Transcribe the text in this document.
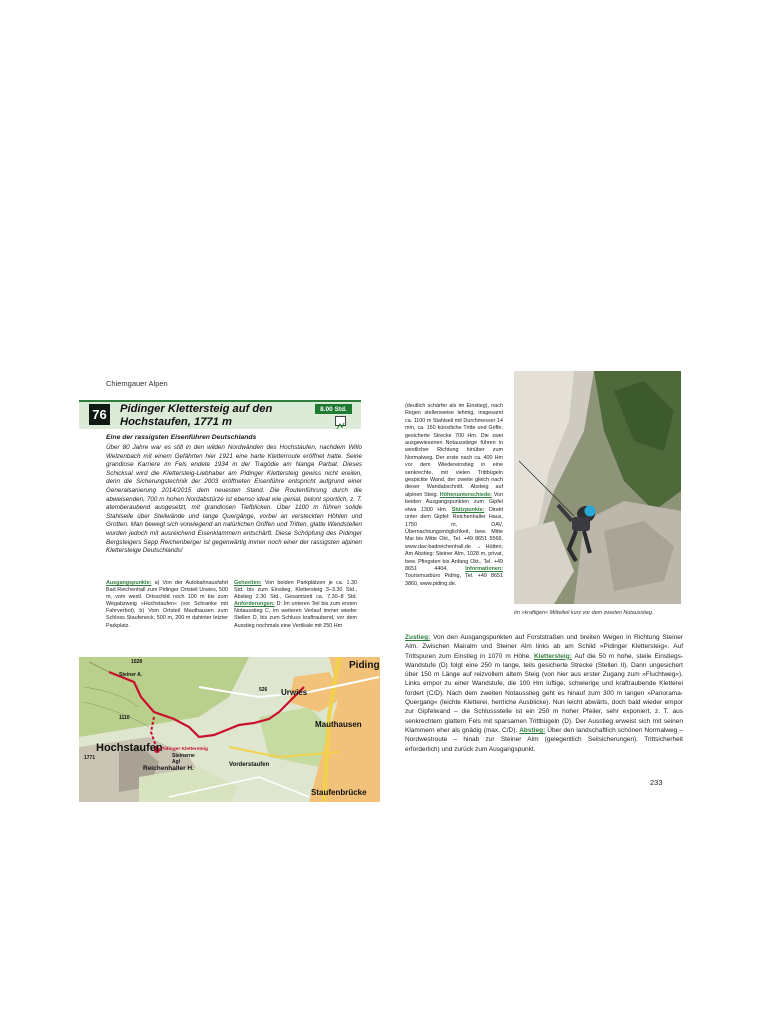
Chiemgauer Alpen
76 Pidinger Klettersteig auf den Hochstaufen, 1771 m
8.00 Std.
Eine der rassigsten Eisenführen Deutschlands
Über 80 Jahre war es still in den wilden Nordwänden des Hochstaufen, nachdem Willo Welzenbach mit einem Gefährten hier 1921 eine harte Kletterroute eröffnet hatte. Seine grandiose Karriere im Fels endete 1934 in der Tragödie am Nanga Parbat. Dieses Schicksal wird die Klettersteig-Liebhaber am Pidinger Klettersteig gewiss nicht ereilen, denn die Sicherungstechnik der 2003 eröffneten Eisenführe entspricht aufgrund einer Generalsanierung 2014/2015 dem neuesten Stand. Die Routenführung durch die abweisenden, 700 m hohen Nordabstürze ist ebenso ideal wie genial, belont sportlich, z. T. atemberaubend ausgesetzt, mit grandiosen Tiefblicken. Über 1100 m führen solide Stahlseile über Steilwände und lange Quergänge, vorbei an versteckten Höhlen und Grotten. Man bewegt sich vorwiegend an natürlichen Griffen und Tritten, glatte Wandstellen wurden jedoch mit ausreichend Eisenklammern entschärft. Diese Schöpfung des Pidinger Bergsteigers Sepp Reichenberger ist gegenwärtig immer noch einer der rassigsten alpinen Klettersteige Deutschlands!
Ausgangspunkte: a) Von der Autobahnausfahrt Bad Reichenhall zum Pidinger Ortsteil Urwies, 500 m, vom westl. Ortsschild noch 100 m bis zum Wegabzweig »Hochstaufen« (vor Schranke mit Fahrverbot). b) Vom Ortsteil Mauthausen zum Schloss Staufeneck, 500 m, 200 m dahinter letzter Parkplatz.
Gehzeiten: Von beiden Parkplätzen je ca. 1.30 Std. bis zum Einstieg, Klettersteig 3–3.30 Std., Abstieg 2.30 Std., Gesamtzeit ca. 7.30–8 Std. Anforderungen: D: Im unteren Teil bis zum ersten Notausstieg C, im weiteren Verlauf immer wieder Stellen D, bis zum Schluss kraftraubend, vor dem Ausstieg nochmals eine Vertikale mit 250 Hm
Hochstaufen
Piding
Urwies
Mauthausen
Reichenhaller H.
Steinerne Agl	Vorderstaufen
Staufenbrücke
Steiner A.
1110
1028
526
1771
Pidinger Klettersteig
(deutlich schärfer als im Einstieg), nach Regen stellenweise lehmig, insgesamt ca. 1100 m Stahlseil mit Durchmesser 14 mm, ca. 150 künstliche Tritte und Griffe, gesicherte Strecke 700 Hm. Die zwei ausgewiesenen Notausstiege führen in westlicher Richtung hinüber zum Normalweg. Der erste nach ca. 400 Hm vor dem Wiedereinstieg in eine senkrechte, mit vielen Trittbügeln gespickte Wand, der zweite gleich nach dieser Wandabschnitt. Absteig auf alpinen Steig. Höhenunterschiede: Von beiden Ausgangspunkten zum Gipfel etwa 1300 Hm. Stützpunkte: Direkt unter dem Gipfel: Reichenhaller Haus, 1750 m, DAV, Übernachtungsmöglichkeit, bew. Mitte Mai bis Mitte Okt., Tel. +49 8651 5566, www.dav-badreichenhall.de → Hütten; Am Abstieg: Steiner Alm, 1028 m, privat, bew. Pfingsten bis Anfang Okt., Tel. +49 8651 4404.	Informationen: Tourismusbüro Piding, Tel. +49 8651 3860, www.piding.de.
Im »kraftigen« Mittelteil kurz vor dem zweiten Notausstieg.
Zustieg: Von den Ausgangspunkten auf Forststraßen und breiten Wegen in Richtung Steiner Alm. Zwischen Mairalm und Steiner Alm links ab am Schild »Pidinger Klettersteig«. Auf Trittspuren zum Einstieg in 1070 m Höhe. Klettersteig: Auf die 50 m hohe, steile Einstiegs-Wandstufe (D) folgt eine 250 m lange, teils gesicherte Strecke (Stellen II). Dann ungesichert über 150 m Länge auf reizvollem altem Steig (von hier aus erster Zugang zum »Fluchtweg«). Links empor zu einer Wandstufe, die 100 Hm luftige, schwierige und kraftraubende Kletterei fordert (C/D). Nach dem zweiten Notausstieg geht es hinauf zum 300 m langen »Panorama-Quergang« (leichte Kletterei, herrliche Ausblicke). Nun leicht abwärts, doch bald wieder empor zur Gipfelwand – die Schlussstelle ist ein 250 m hoher Pfeiler, sehr exponiert, z. T. aus senkrechtem glattem Fels mit sparsamen Trittbügeln (D). Der Ausstieg erweist sich mit seinen Klammern eher als gnädig (max. C/D). Abstieg: Über den landschaftlich schönen Normalweg – Nordwestroute – hinab zur Steiner Alm (gelegentlich Seilsicherungen). Trittsicherheit erforderlich) und zurück zum Ausgangspunkt.
233
